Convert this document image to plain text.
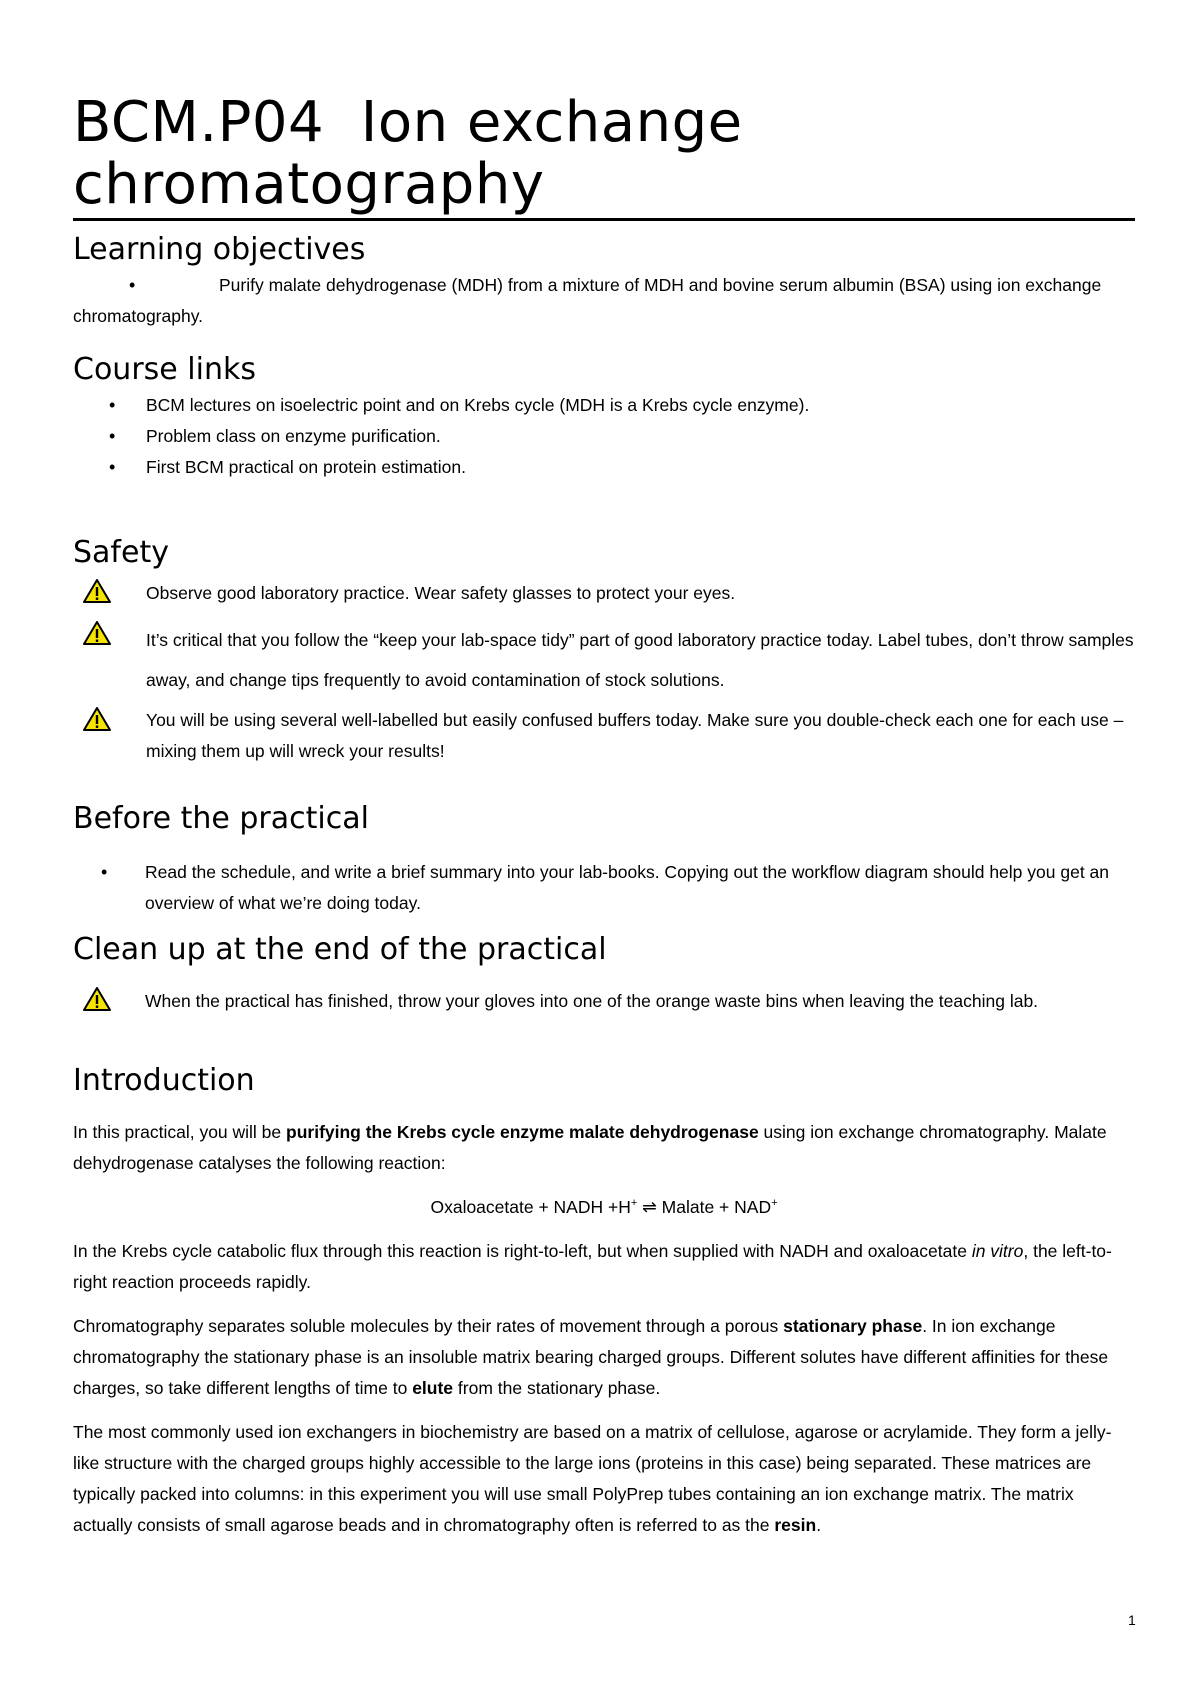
BCM.P04 Ion exchange
chromatography
Learning objectives
•	Purify malate dehydrogenase (MDH) from a mixture of MDH and bovine serum albumin (BSA) using ion exchange chromatography.
Course links
• BCM lectures on isoelectric point and on Krebs cycle (MDH is a Krebs cycle enzyme).
• Problem class on enzyme purification.
• First BCM practical on protein estimation.
Safety
Observe good laboratory practice. Wear safety glasses to protect your eyes.
It’s critical that you follow the “keep your lab-space tidy” part of good laboratory practice today. Label tubes, don’t throw samples away, and change tips frequently to avoid contamination of stock solutions.
You will be using several well-labelled but easily confused buffers today. Make sure you double-check each one for each use – mixing them up will wreck your results!
Before the practical
• Read the schedule, and write a brief summary into your lab-books. Copying out the workflow diagram should help you get an overview of what we’re doing today.
Clean up at the end of the practical
When the practical has finished, throw your gloves into one of the orange waste bins when leaving the teaching lab.
Introduction
In this practical, you will be purifying the Krebs cycle enzyme malate dehydrogenase using ion exchange chromatography. Malate dehydrogenase catalyses the following reaction:
Oxaloacetate + NADH +H+ ⇌ Malate + NAD+
In the Krebs cycle catabolic flux through this reaction is right-to-left, but when supplied with NADH and oxaloacetate in vitro, the left-to-right reaction proceeds rapidly.
Chromatography separates soluble molecules by their rates of movement through a porous stationary phase. In ion exchange chromatography the stationary phase is an insoluble matrix bearing charged groups. Different solutes have different affinities for these charges, so take different lengths of time to elute from the stationary phase.
The most commonly used ion exchangers in biochemistry are based on a matrix of cellulose, agarose or acrylamide. They form a jelly-like structure with the charged groups highly accessible to the large ions (proteins in this case) being separated. These matrices are typically packed into columns: in this experiment you will use small PolyPrep tubes containing an ion exchange matrix. The matrix actually consists of small agarose beads and in chromatography often is referred to as the resin.
1
